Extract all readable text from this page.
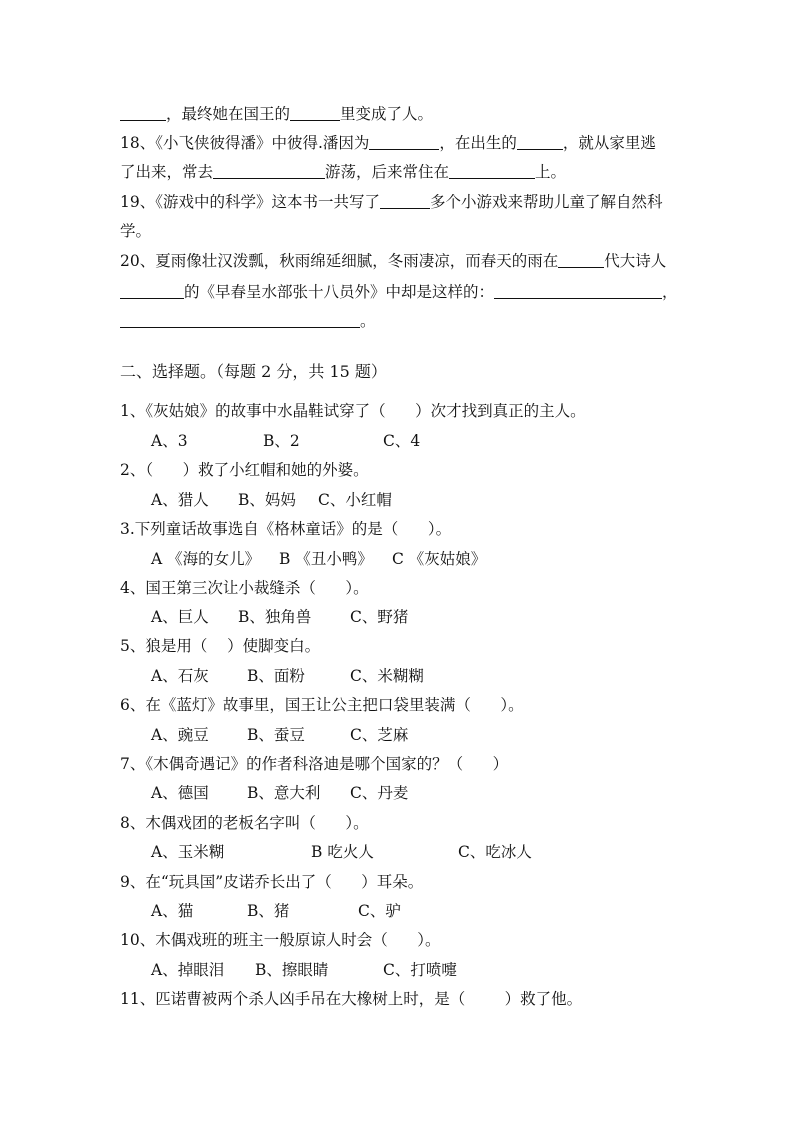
，最终她在国王的	里变成了人。
18、《小飞侠彼得潘》中彼得.潘因为	，在出生的	，就从家里逃
了出来，常去	游荡，后来常住在	上。
19、《游戏中的科学》这本书一共写了	多个小游戏来帮助儿童了解自然科
学。
20、夏雨像壮汉泼瓢，秋雨绵延细腻，冬雨凄凉，而春天的雨在	代大诗人
的《早春呈水部张十八员外》中却是这样的：	，
。
二、选择题。（每题 2 分，共 15 题）
1、《灰姑娘》的故事中水晶鞋试穿了（      ）次才找到真正的主人。
A、3	B、2	C、4
2、（      ）救了小红帽和她的外婆。
A、猎人 B、妈妈 C、小红帽
3.下列童话故事选自《格林童话》的是（      ）。
A 《海的女儿》 B 《丑小鸭》 C 《灰姑娘》
4、国王第三次让小裁缝杀（      ）。
A、巨人 B、独角兽 C、野猪
5、狼是用（    ）使脚变白。
A、石灰 B、面粉	C、米糊糊
6、在《蓝灯》故事里，国王让公主把口袋里装满（      ）。
A、豌豆 B、蚕豆	C、芝麻
7、《木偶奇遇记》的作者科洛迪是哪个国家的？（      ）
A、德国 B、意大利 C、丹麦
8、木偶戏团的老板名字叫（      ）。
A、玉米糊	B 吃火人	C、吃冰人
9、在“玩具国”皮诺乔长出了（      ）耳朵。
A、猫	B、猪	C、驴
10、木偶戏班的班主一般原谅人时会（      ）。
A、掉眼泪 B、擦眼睛	C、打喷嚏
11、匹诺曹被两个杀人凶手吊在大橡树上时，是（        ）救了他。
